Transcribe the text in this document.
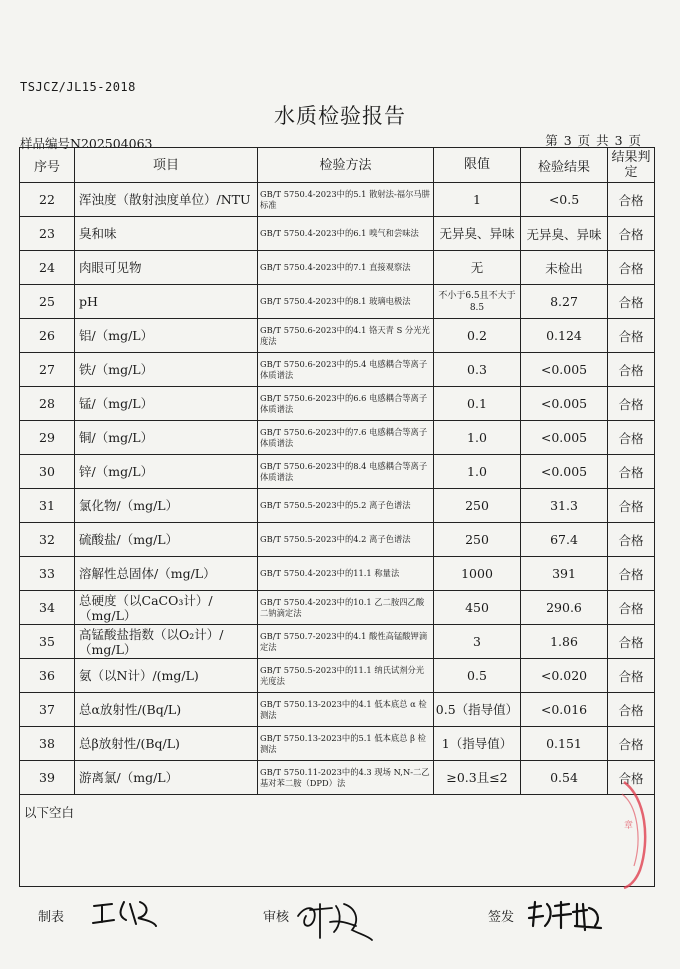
TSJCZ/JL15-2018
水质检验报告
样品编号N202504063	第 3 页 共 3 页
序号	项目	检验方法	限值	检验结果	结果判定
22	浑浊度（散射浊度单位）/NTU	GB/T 5750.4-2023中的5.1 散射法-福尔马肼标准	1	<0.5	合格
23	臭和味	GB/T 5750.4-2023中的6.1 嗅气和尝味法	无异臭、异味	无异臭、异味	合格
24	肉眼可见物	GB/T 5750.4-2023中的7.1 直接观察法	无	未检出	合格
25	pH	GB/T 5750.4-2023中的8.1 玻璃电极法	不小于6.5且不大于8.5	8.27	合格
26	铝/（mg/L）	GB/T 5750.6-2023中的4.1 铬天青 S 分光光度法	0.2	0.124	合格
27	铁/（mg/L）	GB/T 5750.6-2023中的5.4 电感耦合等离子体质谱法	0.3	<0.005	合格
28	锰/（mg/L）	GB/T 5750.6-2023中的6.6 电感耦合等离子体质谱法	0.1	<0.005	合格
29	铜/（mg/L）	GB/T 5750.6-2023中的7.6 电感耦合等离子体质谱法	1.0	<0.005	合格
30	锌/（mg/L）	GB/T 5750.6-2023中的8.4 电感耦合等离子体质谱法	1.0	<0.005	合格
31	氯化物/（mg/L）	GB/T 5750.5-2023中的5.2 离子色谱法	250	31.3	合格
32	硫酸盐/（mg/L）	GB/T 5750.5-2023中的4.2 离子色谱法	250	67.4	合格
33	溶解性总固体/（mg/L）	GB/T 5750.4-2023中的11.1 称量法	1000	391	合格
34	总硬度（以CaCO₃计）/（mg/L）	GB/T 5750.4-2023中的10.1 乙二胺四乙酸二钠滴定法	450	290.6	合格
35	高锰酸盐指数（以O₂计）/（mg/L）	GB/T 5750.7-2023中的4.1 酸性高锰酸钾滴定法	3	1.86	合格
36	氨（以N计）/(mg/L)	GB/T 5750.5-2023中的11.1 纳氏试剂分光光度法	0.5	<0.020	合格
37	总α放射性/(Bq/L)	GB/T 5750.13-2023中的4.1 低本底总 α 检测法	0.5（指导值）	<0.016	合格
38	总β放射性/(Bq/L)	GB/T 5750.13-2023中的5.1 低本底总 β 检测法	1（指导值）	0.151	合格
39	游离氯/（mg/L）	GB/T 5750.11-2023中的4.3 现场 N,N-二乙基对苯二胺（DPD）法	≥0.3且≤2	0.54	合格
以下空白					
制表	审核	签发
章
